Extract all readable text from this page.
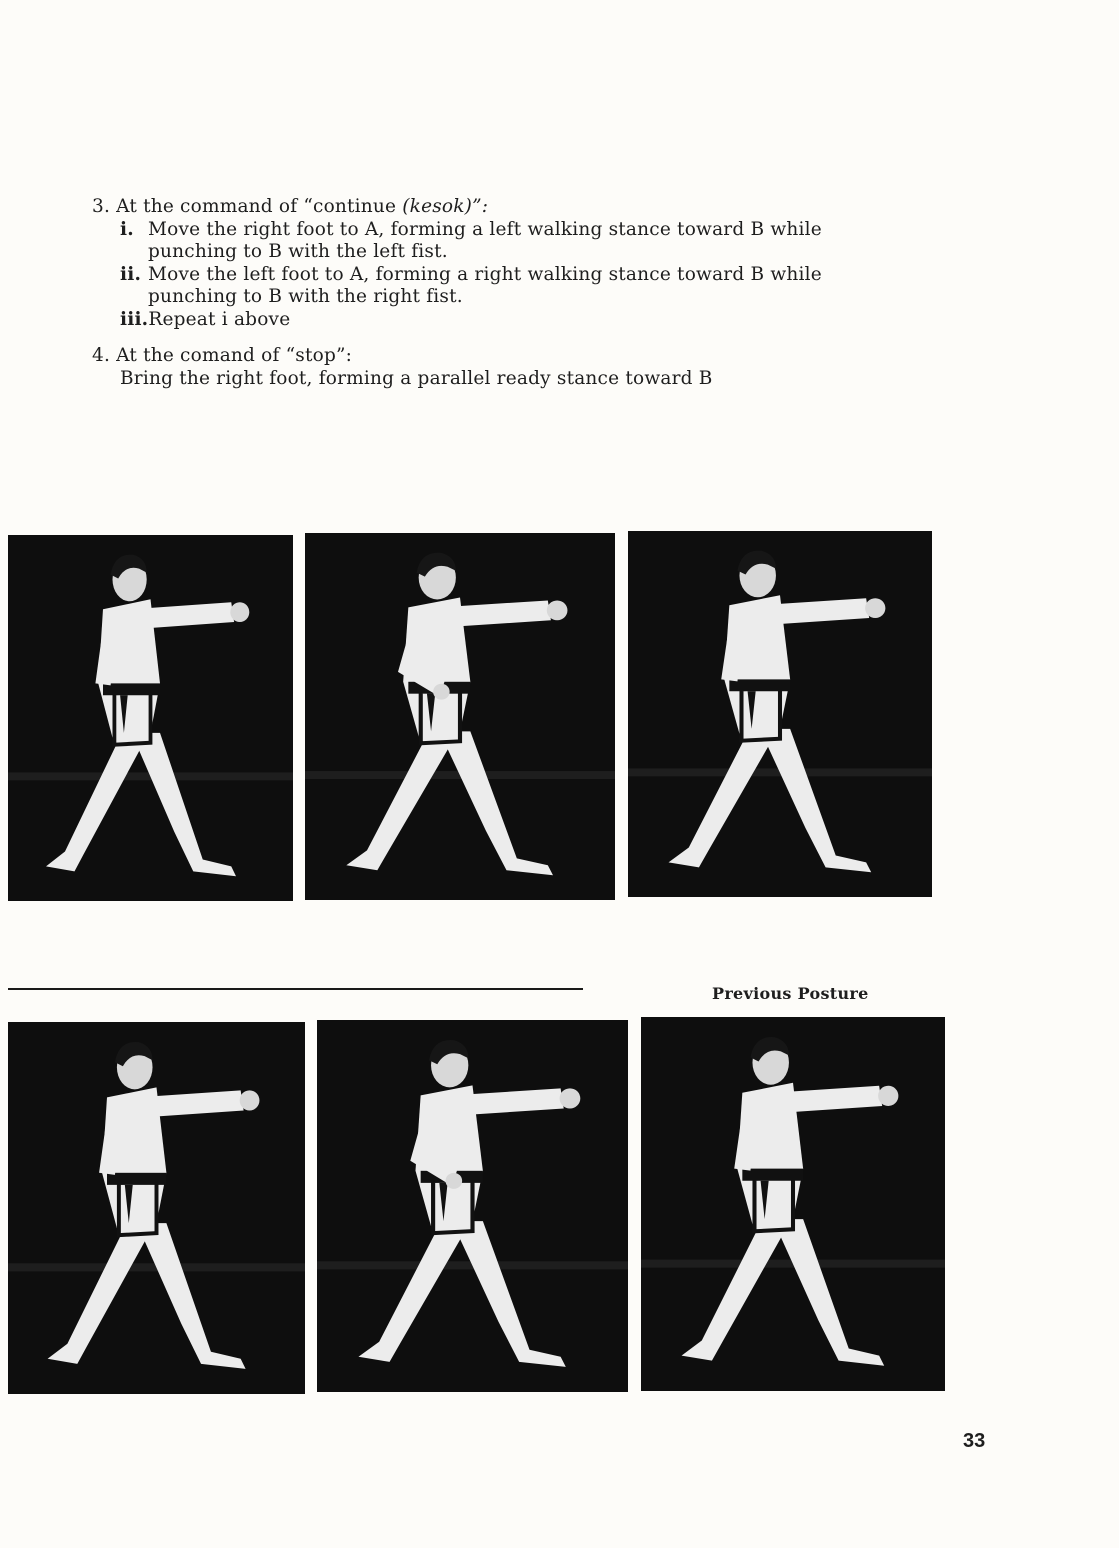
3. At the command of “continue (kesok)”:
i. Move the right foot to A, forming a left walking stance toward B while punching to B with the left fist.
ii. Move the left foot to A, forming a right walking stance toward B while punching to B with the right fist.
iii. Repeat i above
4. At the comand of “stop”:
Bring the right foot, forming a parallel ready stance toward B
Previous Posture
33
